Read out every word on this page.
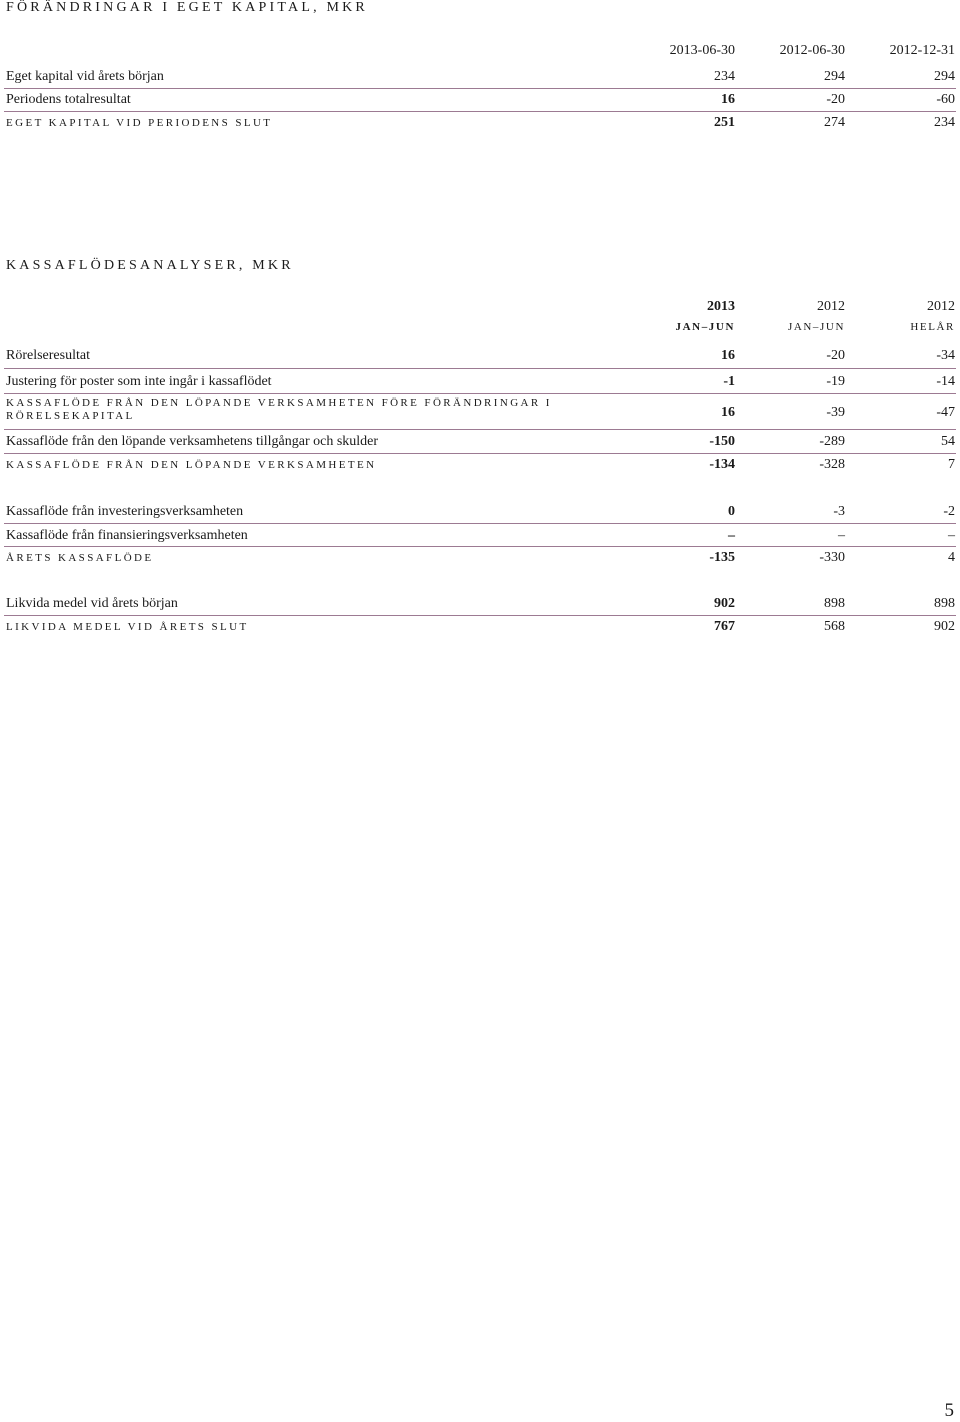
FÖRÄNDRINGAR I EGET KAPITAL, MKR
2013-06-30	2012-06-30	2012-12-31
Eget kapital vid årets början	234	294	294
Periodens totalresultat	16	-20	-60
EGET KAPITAL VID PERIODENS SLUT	251	274	234
KASSAFLÖDESANALYSER, MKR
2013	2012	2012
JAN–JUN	JAN–JUN	HELÅR
Rörelseresultat	16	-20	-34
Justering för poster som inte ingår i kassaflödet	-1	-19	-14
KASSAFLÖDE FRÅN DEN LÖPANDE VERKSAMHETEN FÖRE FÖRÄNDRINGAR I RÖRELSEKAPITAL	16	-39	-47
Kassaflöde från den löpande verksamhetens tillgångar och skulder	-150	-289	54
KASSAFLÖDE FRÅN DEN LÖPANDE VERKSAMHETEN	-134	-328	7
Kassaflöde från investeringsverksamheten	0	-3	-2
Kassaflöde från finansieringsverksamheten	–	–	–
ÅRETS KASSAFLÖDE	-135	-330	4
Likvida medel vid årets början	902	898	898
LIKVIDA MEDEL VID ÅRETS SLUT	767	568	902
5
